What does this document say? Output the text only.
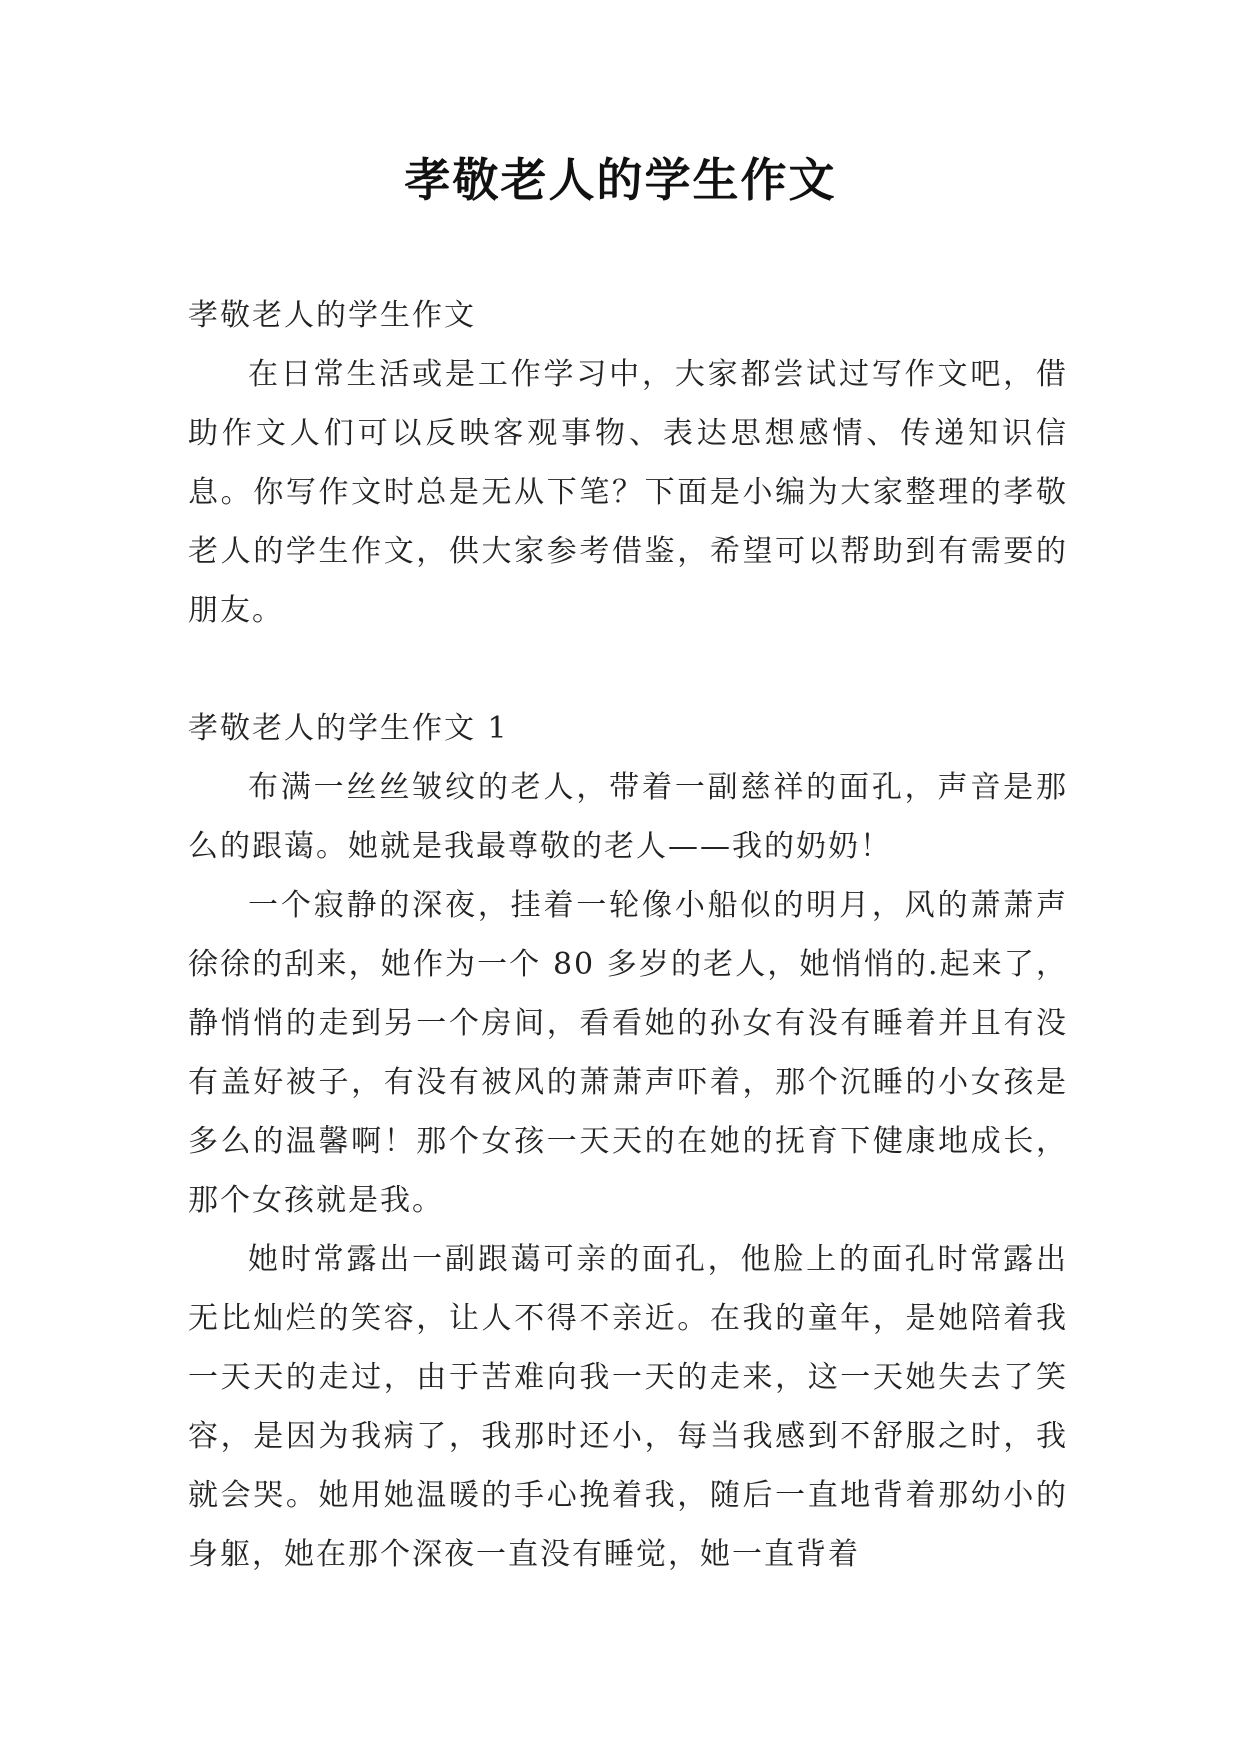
孝敬老人的学生作文

孝敬老人的学生作文

在日常生活或是工作学习中，大家都尝试过写作文吧，借助作文人们可以反映客观事物、表达思想感情、传递知识信息。你写作文时总是无从下笔？下面是小编为大家整理的孝敬老人的学生作文，供大家参考借鉴，希望可以帮助到有需要的朋友。

孝敬老人的学生作文 1

布满一丝丝皱纹的老人，带着一副慈祥的面孔，声音是那么的跟蔼。她就是我最尊敬的老人——我的奶奶！

一个寂静的深夜，挂着一轮像小船似的明月，风的萧萧声徐徐的刮来，她作为一个 80 多岁的老人，她悄悄的.起来了，静悄悄的走到另一个房间，看看她的孙女有没有睡着并且有没有盖好被子，有没有被风的萧萧声吓着，那个沉睡的小女孩是多么的温馨啊！那个女孩一天天的在她的抚育下健康地成长，那个女孩就是我。

她时常露出一副跟蔼可亲的面孔，他脸上的面孔时常露出无比灿烂的笑容，让人不得不亲近。在我的童年，是她陪着我一天天的走过，由于苦难向我一天的走来，这一天她失去了笑容，是因为我病了，我那时还小，每当我感到不舒服之时，我就会哭。她用她温暖的手心挽着我，随后一直地背着那幼小的身躯，她在那个深夜一直没有睡觉，她一直背着
